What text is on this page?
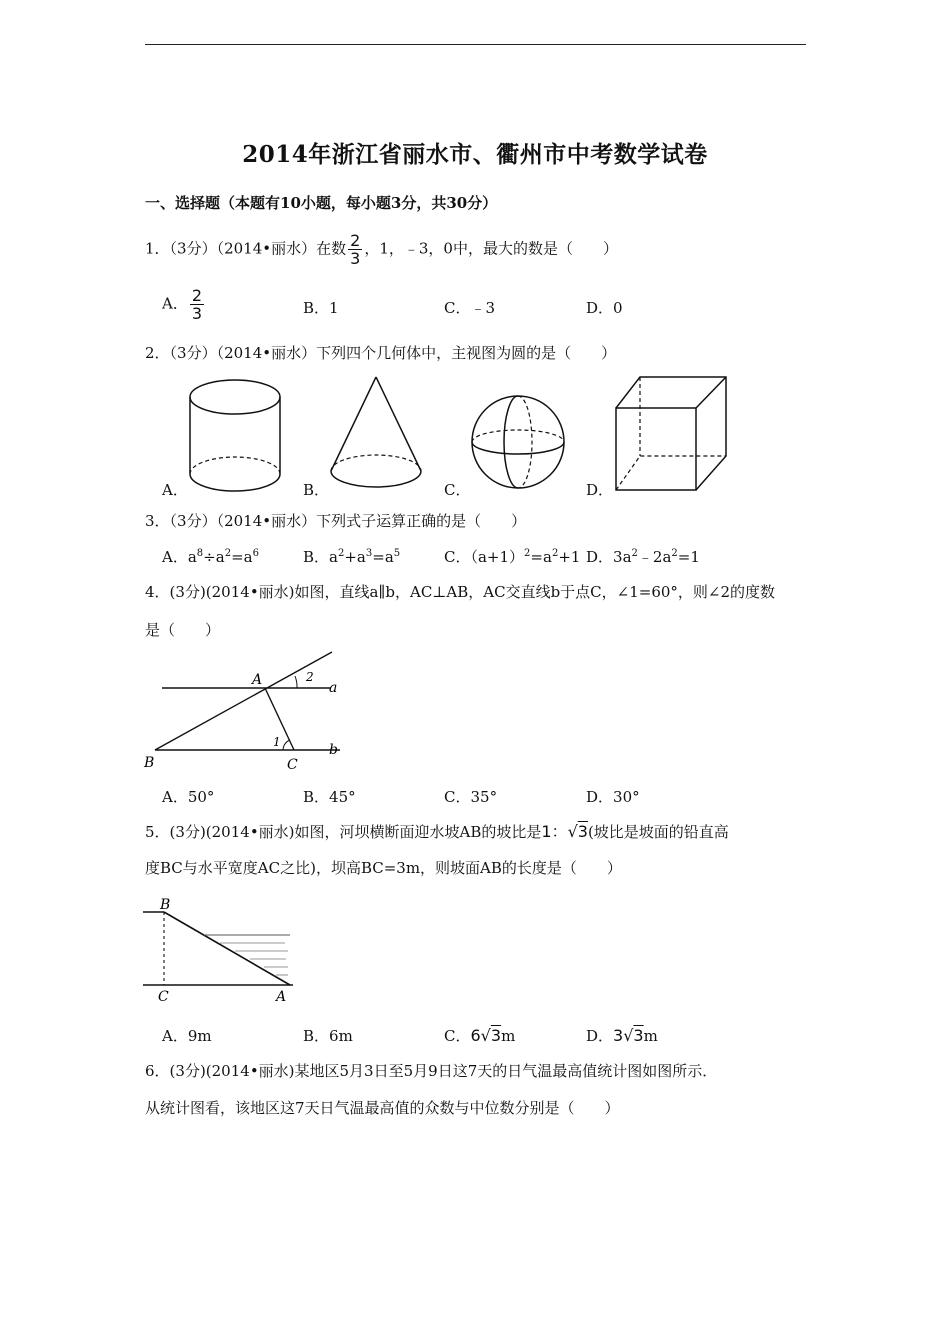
2014年浙江省丽水市、衢州市中考数学试卷
一、选择题（本题有10小题，每小题3分，共30分）
1．（3分）（2014•丽水）在数 $\frac{2}{3}$ ，1，﹣3，0中，最大的数是（　　）
A． $\frac{2}{3}$	B．1	C．﹣3	D．0
2．（3分）（2014•丽水）下列四个几何体中，主视图为圆的是（　　）
A．	B．	C．	D．
3．（3分）（2014•丽水）下列式子运算正确的是（　　）
A．$a^8\div a^2=a^6$	B．$a^2+a^3=a^5$	C．$(a+1)^2=a^2+1$ D．$3a^2﹣2a^2=1$
4．(3分)(2014•丽水)如图，直线a∥b，AC⊥AB，AC交直线b于点C，∠1=60°，则∠2的度数
是（　　）
A
B	C
a
b
1
2
A．50°	B．45°	C．35°	D．30°
5．(3分)(2014•丽水)如图，河坝横断面迎水坡AB的坡比是1：√3(坡比是坡面的铅直高
度BC与水平宽度AC之比)，坝高BC=3m，则坡面AB的长度是（　　）
B
C	A
A．9m	B．6m	C．6√3m	D．3√3m
6．(3分)(2014•丽水)某地区5月3日至5月9日这7天的日气温最高值统计图如图所示．
从统计图看，该地区这7天日气温最高值的众数与中位数分别是（　　）
